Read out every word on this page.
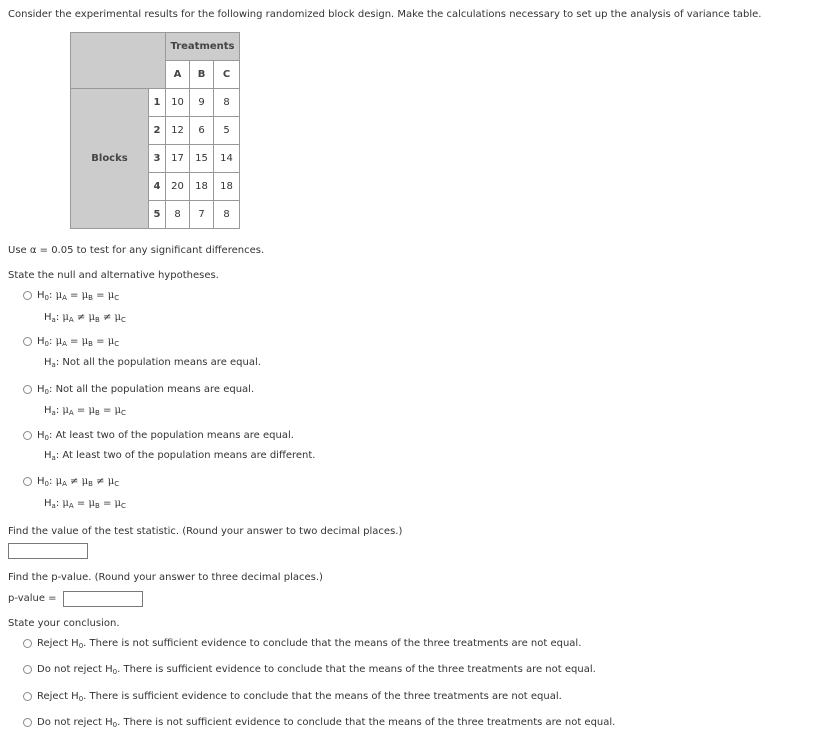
Consider the experimental results for the following randomized block design. Make the calculations necessary to set up the analysis of variance table.
		Treatments		
		A	B	C
Blocks	1	10	9	8
	2	12	6	5
	3	17	15	14
	4	20	18	18
	5	8	7	8
Use α = 0.05 to test for any significant differences.
State the null and alternative hypotheses.
$H_0$: $\mu_A = \mu_B = \mu_C$
$H_a$: $\mu_A \ne \mu_B \ne \mu_C$
$H_0$: $\mu_A = \mu_B = \mu_C$
$H_a$: Not all the population means are equal.
$H_0$: Not all the population means are equal.
$H_a$: $\mu_A = \mu_B = \mu_C$
$H_0$: At least two of the population means are equal.
$H_a$: At least two of the population means are different.
$H_0$: $\mu_A \ne \mu_B \ne \mu_C$
$H_a$: $\mu_A = \mu_B = \mu_C$
Find the value of the test statistic. (Round your answer to two decimal places.)
Find the p-value. (Round your answer to three decimal places.)
p-value =
State your conclusion.
Reject $H_0$. There is not sufficient evidence to conclude that the means of the three treatments are not equal.
Do not reject $H_0$. There is sufficient evidence to conclude that the means of the three treatments are not equal.
Reject $H_0$. There is sufficient evidence to conclude that the means of the three treatments are not equal.
Do not reject $H_0$. There is not sufficient evidence to conclude that the means of the three treatments are not equal.
